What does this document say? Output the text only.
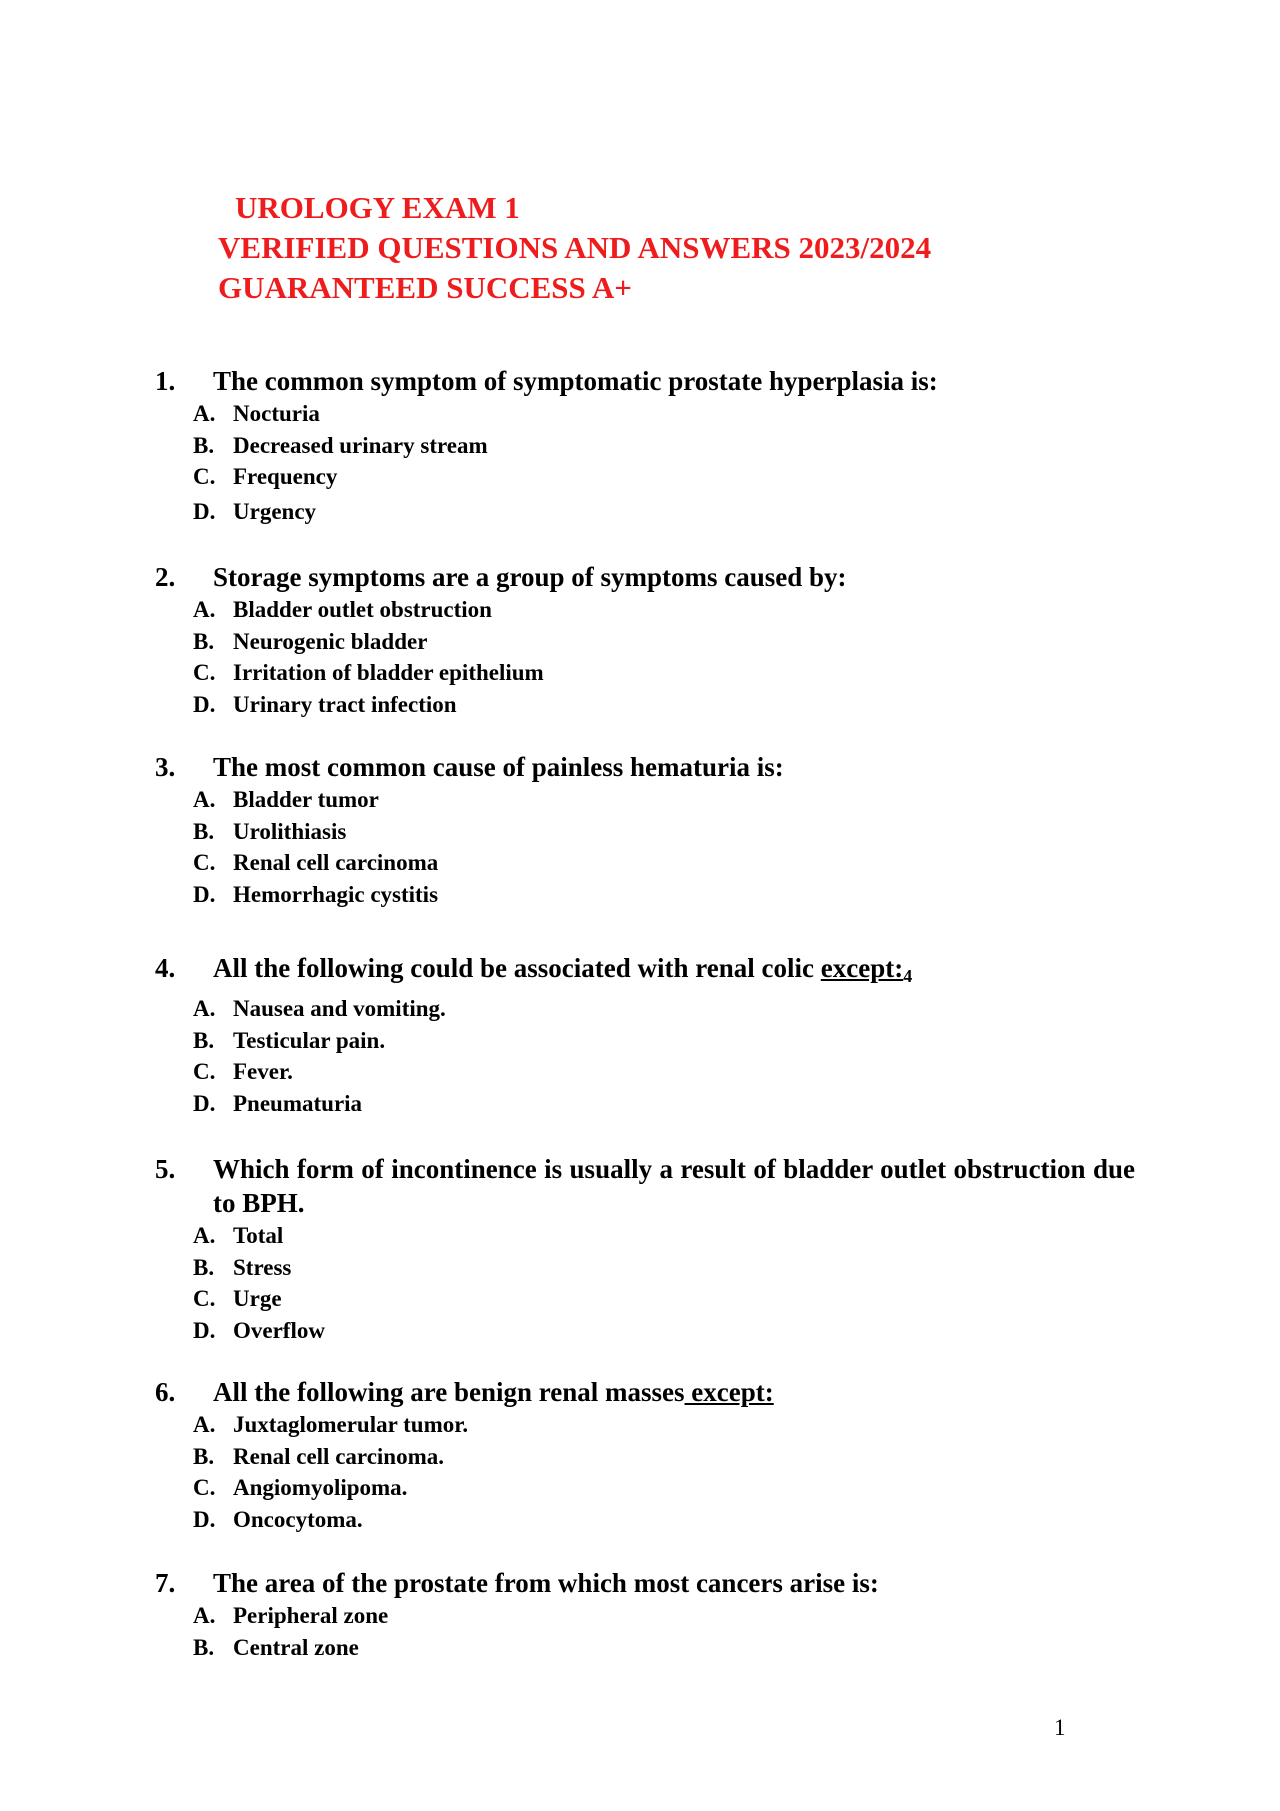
UROLOGY EXAM 1
VERIFIED QUESTIONS AND ANSWERS 2023/2024
GUARANTEED SUCCESS A+
1. The common symptom of symptomatic prostate hyperplasia is:
A. Nocturia
B. Decreased urinary stream
C. Frequency
D. Urgency
2. Storage symptoms are a group of symptoms caused by:
A. Bladder outlet obstruction
B. Neurogenic bladder
C. Irritation of bladder epithelium
D. Urinary tract infection
3. The most common cause of painless hematuria is:
A. Bladder tumor
B. Urolithiasis
C. Renal cell carcinoma
D. Hemorrhagic cystitis
4. All the following could be associated with renal colic $except:_4$
A. Nausea and vomiting.
B. Testicular pain.
C. Fever.
D. Pneumaturia
5. Which form of incontinence is usually a result of bladder outlet obstruction due to BPH.
A. Total
B. Stress
C. Urge
D. Overflow
6. All the following are benign renal masses except:
A. Juxtaglomerular tumor.
B. Renal cell carcinoma.
C. Angiomyolipoma.
D. Oncocytoma.
7. The area of the prostate from which most cancers arise is:
A. Peripheral zone
B. Central zone
1
